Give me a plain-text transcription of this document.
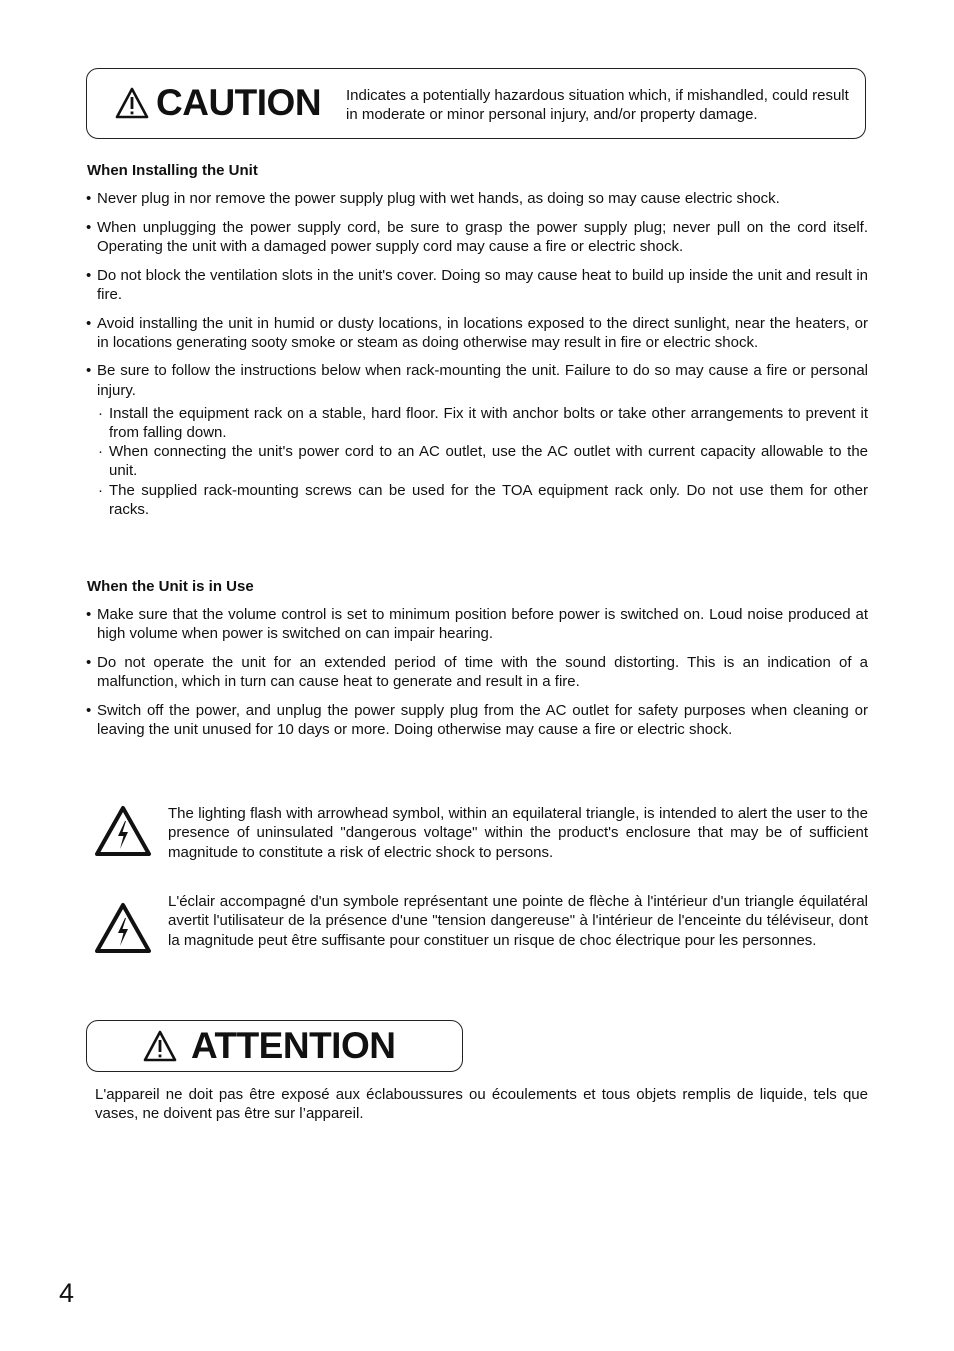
CAUTION Indicates a potentially hazardous situation which, if mishandled, could result in moderate or minor personal injury, and/or property damage.
When Installing the Unit
• Never plug in nor remove the power supply plug with wet hands, as doing so may cause electric shock.
• When unplugging the power supply cord, be sure to grasp the power supply plug; never pull on the cord itself. Operating the unit with a damaged power supply cord may cause a fire or electric shock.
• Do not block the ventilation slots in the unit's cover. Doing so may cause heat to build up inside the unit and result in fire.
• Avoid installing the unit in humid or dusty locations, in locations exposed to the direct sunlight, near the heaters, or in locations generating sooty smoke or steam as doing otherwise may result in fire or electric shock.
• Be sure to follow the instructions below when rack-mounting the unit. Failure to do so may cause a fire or personal injury.
· Install the equipment rack on a stable, hard floor. Fix it with anchor bolts or take other arrangements to prevent it from falling down.
· When connecting the unit's power cord to an AC outlet, use the AC outlet with current capacity allowable to the unit.
· The supplied rack-mounting screws can be used for the TOA equipment rack only. Do not use them for other racks.
When the Unit is in Use
• Make sure that the volume control is set to minimum position before power is switched on. Loud noise produced at high volume when power is switched on can impair hearing.
• Do not operate the unit for an extended period of time with the sound distorting. This is an indication of a malfunction, which in turn can cause heat to generate and result in a fire.
• Switch off the power, and unplug the power supply plug from the AC outlet for safety purposes when cleaning or leaving the unit unused for 10 days or more. Doing otherwise may cause a fire or electric shock.
The lighting flash with arrowhead symbol, within an equilateral triangle, is intended to alert the user to the presence of uninsulated "dangerous voltage" within the product's enclosure that may be of sufficient magnitude to constitute a risk of electric shock to persons.
L'éclair accompagné d'un symbole représentant une pointe de flèche à l'intérieur d'un triangle équilatéral avertit l'utilisateur de la présence d'une "tension dangereuse" à l'intérieur de l'enceinte du téléviseur, dont la magnitude peut être suffisante pour constituer un risque de choc électrique pour les personnes.
ATTENTION
L'appareil ne doit pas être exposé aux éclaboussures ou écoulements et tous objets remplis de liquide, tels que vases, ne doivent pas être sur l’appareil.
4
